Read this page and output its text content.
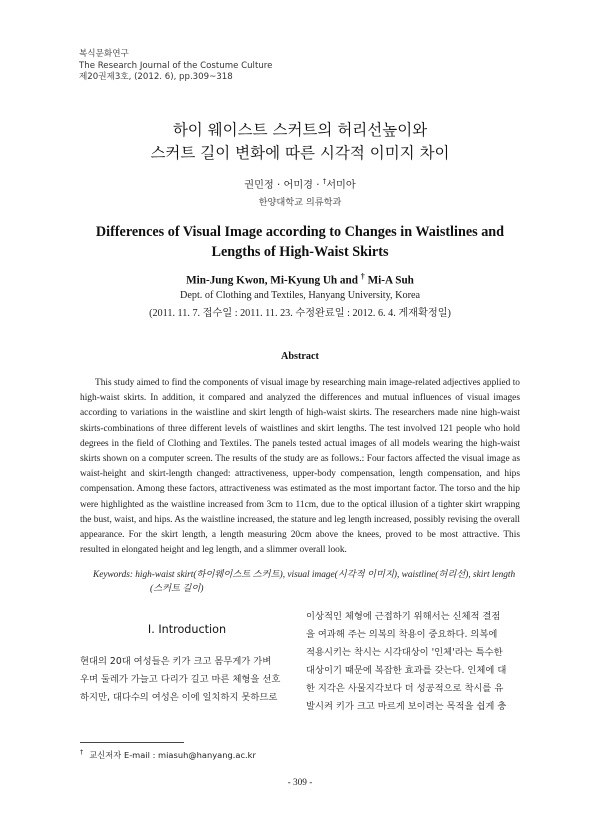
복식문화연구
The Research Journal of the Costume Culture
제20권제3호, (2012. 6), pp.309~318
하이 웨이스트 스커트의 허리선높이와
스커트 길이 변화에 따른 시각적 이미지 차이
권민정 · 어미경 · †서미아
한양대학교 의류학과
Differences of Visual Image according to Changes in Waistlines and
Lengths of High-Waist Skirts
Min-Jung Kwon, Mi-Kyung Uh and † Mi-A Suh
Dept. of Clothing and Textiles, Hanyang University, Korea
(2011. 11. 7. 접수일 : 2011. 11. 23. 수정완료일 : 2012. 6. 4. 게재확정일)
Abstract

This study aimed to find the components of visual image by researching main image-related adjectives applied to high-waist skirts. In addition, it compared and analyzed the differences and mutual influences of visual images according to variations in the waistline and skirt length of high-waist skirts. The researchers made nine high-waist skirts-combinations of three different levels of waistlines and skirt lengths. The test involved 121 people who hold degrees in the field of Clothing and Textiles. The panels tested actual images of all models wearing the high-waist skirts shown on a computer screen. The results of the study are as follows.: Four factors affected the visual image as waist-height and skirt-length changed: attractiveness, upper-body compensation, length compensation, and hips compensation. Among these factors, attractiveness was estimated as the most important factor. The torso and the hip were highlighted as the waistline increased from 3cm to 11cm, due to the optical illusion of a tighter skirt wrapping the bust, waist, and hips. As the waistline increased, the stature and leg length increased, possibly revising the overall appearance. For the skirt length, a length measuring 20cm above the knees, proved to be most attractive. This resulted in elongated height and leg length, and a slimmer overall look.

Keywords: high-waist skirt(하이웨이스트 스커트), visual image(시각적 이미지), waistline(허리선), skirt length
(스커트 길이)
Ⅰ. Introduction
현대의 20대 여성들은 키가 크고 몸무게가 가벼
우며 둘레가 가늘고 다리가 길고 마른 체형을 선호
하지만, 대다수의 여성은 이에 일치하지 못하므로
이상적인 체형에 근접하기 위해서는 신체적 결점
을 여과해 주는 의복의 착용이 중요하다. 의복에
적용시키는 착시는 시각대상이 '인체'라는 특수한
대상이기 때문에 복잡한 효과를 갖는다. 인체에 대
한 지각은 사물지각보다 더 성공적으로 착시를 유
발시켜 키가 크고 마르게 보이려는 목적을 쉽게 충
† 교신저자 E-mail : miasuh@hanyang.ac.kr
- 309 -
